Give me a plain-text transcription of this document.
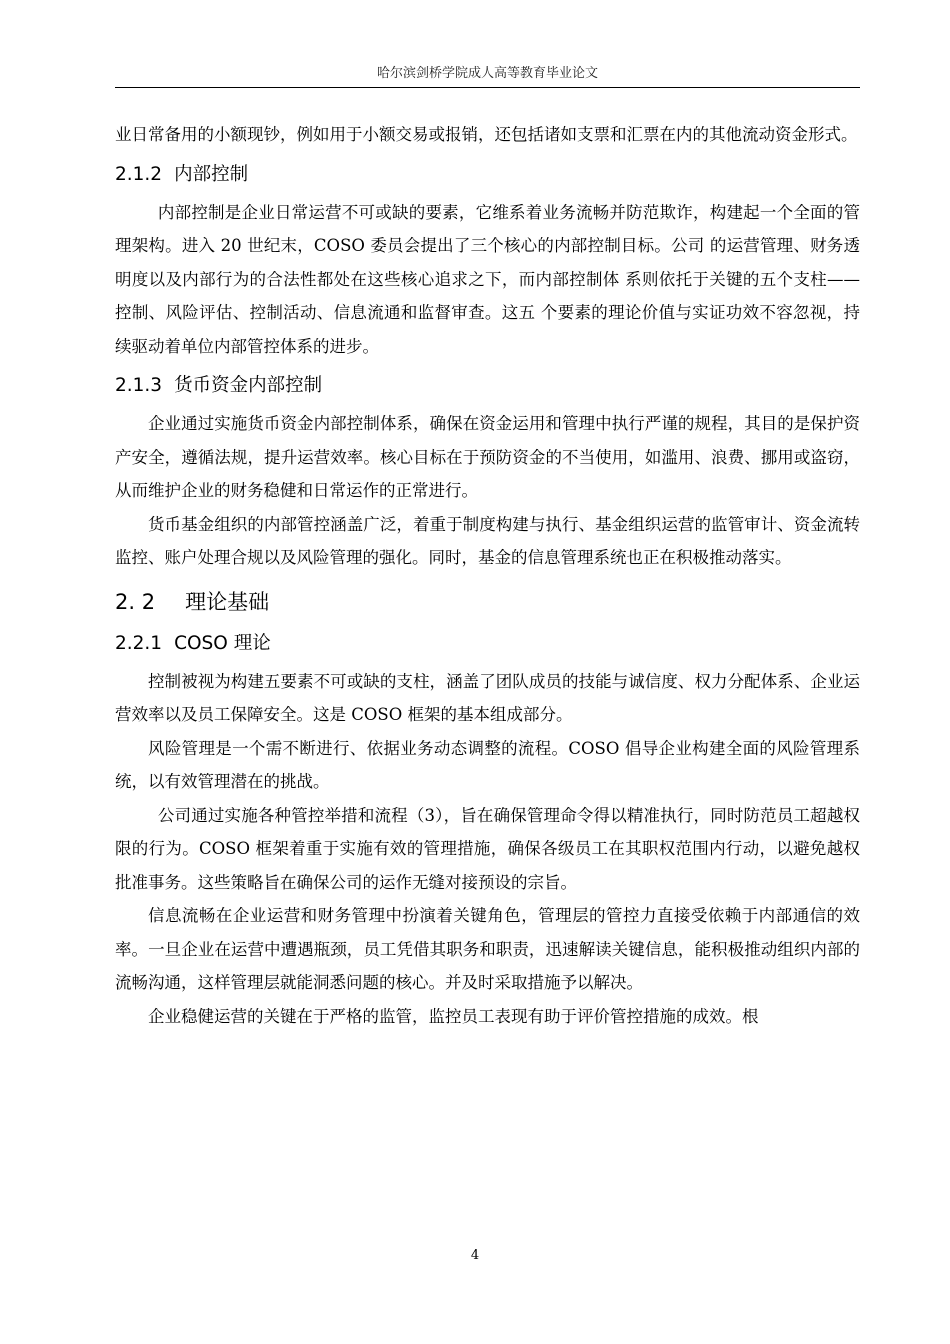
哈尔滨剑桥学院成人高等教育毕业论文

业日常备用的小额现钞，例如用于小额交易或报销，还包括诸如支票和汇票在内的其他流动资金形式。

2.1.2 内部控制

内部控制是企业日常运营不可或缺的要素，它维系着业务流畅并防范欺诈，构建起一个全面的管理架构。进入 20 世纪末，COSO 委员会提出了三个核心的内部控制目标。公司 的运营管理、财务透明度以及内部行为的合法性都处在这些核心追求之下，而内部控制体 系则依托于关键的五个支柱——控制、风险评估、控制活动、信息流通和监督审查。这五 个要素的理论价值与实证功效不容忽视，持续驱动着单位内部管控体系的进步。

2.1.3 货币资金内部控制

企业通过实施货币资金内部控制体系，确保在资金运用和管理中执行严谨的规程，其目的是保护资产安全，遵循法规，提升运营效率。核心目标在于预防资金的不当使用，如滥用、浪费、挪用或盗窃，从而维护企业的财务稳健和日常运作的正常进行。

货币基金组织的内部管控涵盖广泛，着重于制度构建与执行、基金组织运营的监管审计、资金流转监控、账户处理合规以及风险管理的强化。同时，基金的信息管理系统也正在积极推动落实。

2. 2 理论基础
2.2.1 COSO 理论

控制被视为构建五要素不可或缺的支柱，涵盖了团队成员的技能与诚信度、权力分配体系、企业运营效率以及员工保障安全。这是 COSO 框架的基本组成部分。

风险管理是一个需不断进行、依据业务动态调整的流程。COSO 倡导企业构建全面的风险管理系统，以有效管理潜在的挑战。

公司通过实施各种管控举措和流程（3），旨在确保管理命令得以精准执行，同时防范员工超越权限的行为。COSO 框架着重于实施有效的管理措施，确保各级员工在其职权范围内行动，以避免越权批准事务。这些策略旨在确保公司的运作无缝对接预设的宗旨。

信息流畅在企业运营和财务管理中扮演着关键角色，管理层的管控力直接受依赖于内部通信的效率。一旦企业在运营中遭遇瓶颈，员工凭借其职务和职责，迅速解读关键信息，能积极推动组织内部的流畅沟通，这样管理层就能洞悉问题的核心。并及时采取措施予以解决。

企业稳健运营的关键在于严格的监管，监控员工表现有助于评价管控措施的成效。根

4
